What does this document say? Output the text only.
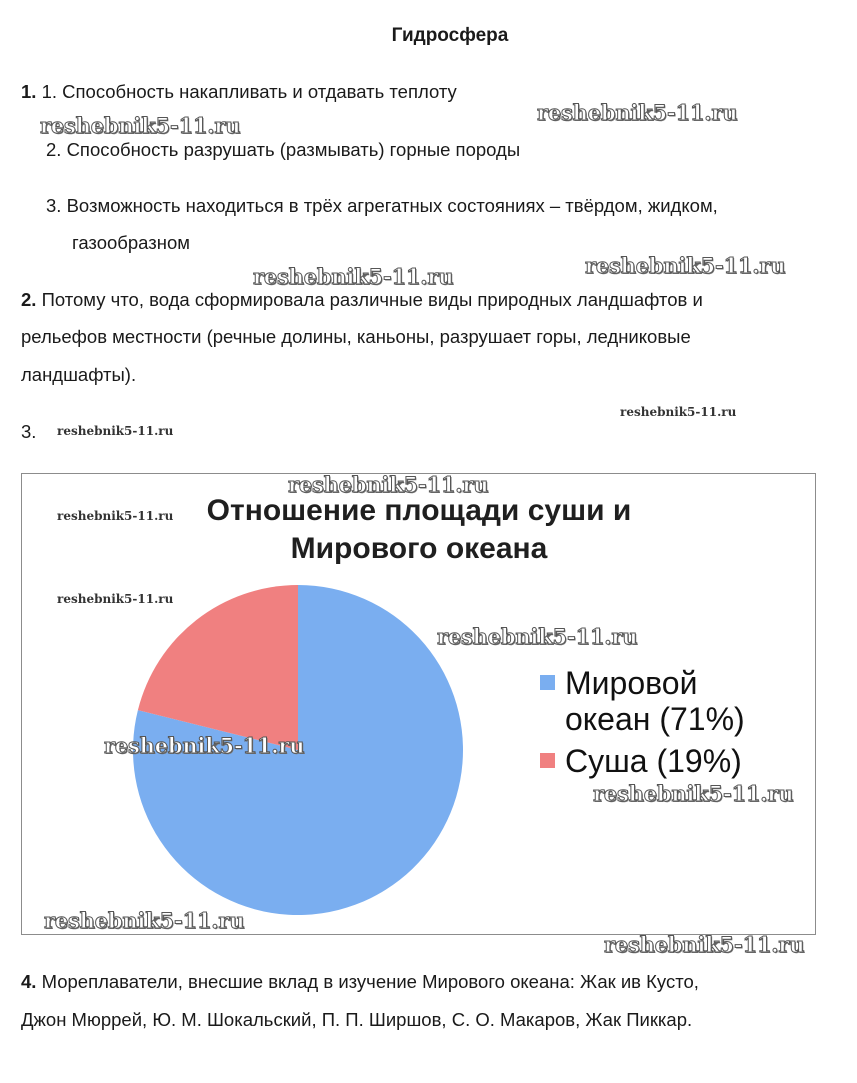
Гидросфера
1. 1. Способность накапливать и отдавать теплоту
2. Способность разрушать (размывать) горные породы
3. Возможность находиться в трёх агрегатных состояниях – твёрдом, жидком,
газообразном
2. Потому что, вода сформировала различные виды природных ландшафтов и
рельефов местности (речные долины, каньоны, разрушает горы, ледниковые
ландшафты).
3.
Отношение площади суши и
Мирового океана
Мировой
океан (71%)
Суша (19%)
4. Мореплаватели, внесшие вклад в изучение Мирового океана: Жак ив Кусто,
Джон Мюррей, Ю. М. Шокальский, П. П. Ширшов, С. О. Макаров, Жак Пиккар.
reshebnik5-11.ru
reshebnik5-11.ru
reshebnik5-11.ru	reshebnik5-11.ru
reshebnik5-11.ru
reshebnik5-11.ru
reshebnik5-11.ru
reshebnik5-11.ru
reshebnik5-11.ru
reshebnik5-11.ru
reshebnik5-11.ru
reshebnik5-11.ru
reshebnik5-11.ru
reshebnik5-11.ru
